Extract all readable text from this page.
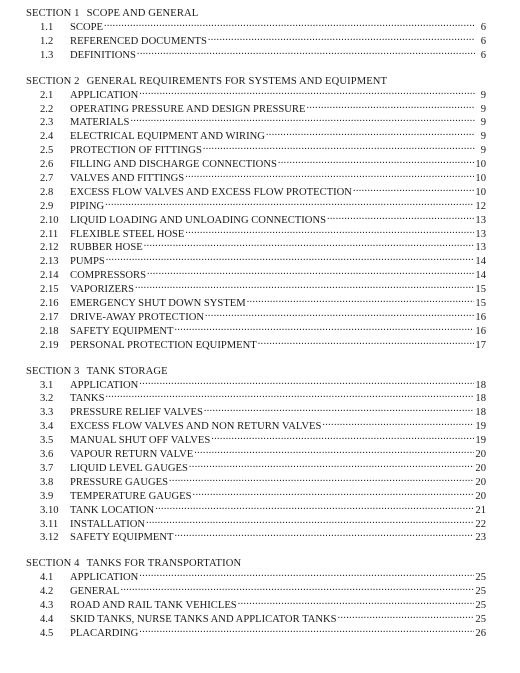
SECTION 1 SCOPE AND GENERAL
1.1	SCOPE .....	6
1.2	REFERENCED DOCUMENTS .....	6
1.3	DEFINITIONS .....	6
SECTION 2 GENERAL REQUIREMENTS FOR SYSTEMS AND EQUIPMENT
2.1	APPLICATION .....	9
2.2	OPERATING PRESSURE AND DESIGN PRESSURE .....	9
2.3	MATERIALS .....	9
2.4	ELECTRICAL EQUIPMENT AND WIRING .....	9
2.5	PROTECTION OF FITTINGS .....	9
2.6	FILLING AND DISCHARGE CONNECTIONS .....	10
2.7	VALVES AND FITTINGS .....	10
2.8	EXCESS FLOW VALVES AND EXCESS FLOW PROTECTION .....	10
2.9	PIPING .....	12
2.10	LIQUID LOADING AND UNLOADING CONNECTIONS .....	13
2.11	FLEXIBLE STEEL HOSE .....	13
2.12	RUBBER HOSE .....	13
2.13	PUMPS .....	14
2.14	COMPRESSORS .....	14
2.15	VAPORIZERS .....	15
2.16	EMERGENCY SHUT DOWN SYSTEM .....	15
2.17	DRIVE-AWAY PROTECTION .....	16
2.18	SAFETY EQUIPMENT .....	16
2.19	PERSONAL PROTECTION EQUIPMENT .....	17
SECTION 3 TANK STORAGE
3.1	APPLICATION .....	18
3.2	TANKS .....	18
3.3	PRESSURE RELIEF VALVES .....	18
3.4	EXCESS FLOW VALVES AND NON RETURN VALVES .....	19
3.5	MANUAL SHUT OFF VALVES .....	19
3.6	VAPOUR RETURN VALVE .....	20
3.7	LIQUID LEVEL GAUGES .....	20
3.8	PRESSURE GAUGES .....	20
3.9	TEMPERATURE GAUGES .....	20
3.10	TANK LOCATION .....	21
3.11	INSTALLATION .....	22
3.12	SAFETY EQUIPMENT .....	23
SECTION 4 TANKS FOR TRANSPORTATION
4.1	APPLICATION .....	25
4.2	GENERAL .....	25
4.3	ROAD AND RAIL TANK VEHICLES .....	25
4.4	SKID TANKS, NURSE TANKS AND APPLICATOR TANKS .....	25
4.5	PLACARDING .....	26
